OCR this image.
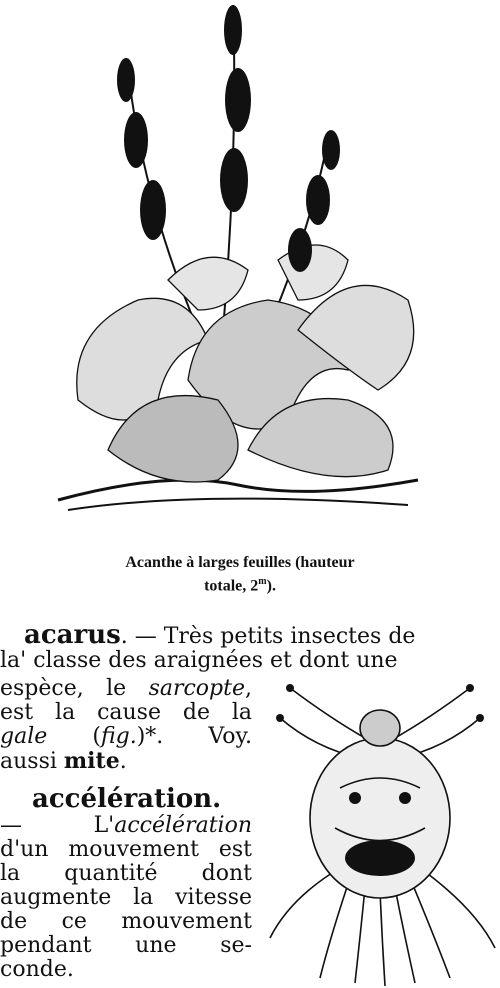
Acanthe à larges feuilles (hauteur
totale, 2$^m$).
acarus. — Très petits insectes de
la' classe des araignées et dont une
espèce, le sarcopte,
est la cause de la
gale (fig.)*. Voy.
aussi mite.
accélération.
— L'accélération
d'un mouvement est
la quantité dont
augmente la vitesse
de ce mouvement
pendant une se-
conde.
